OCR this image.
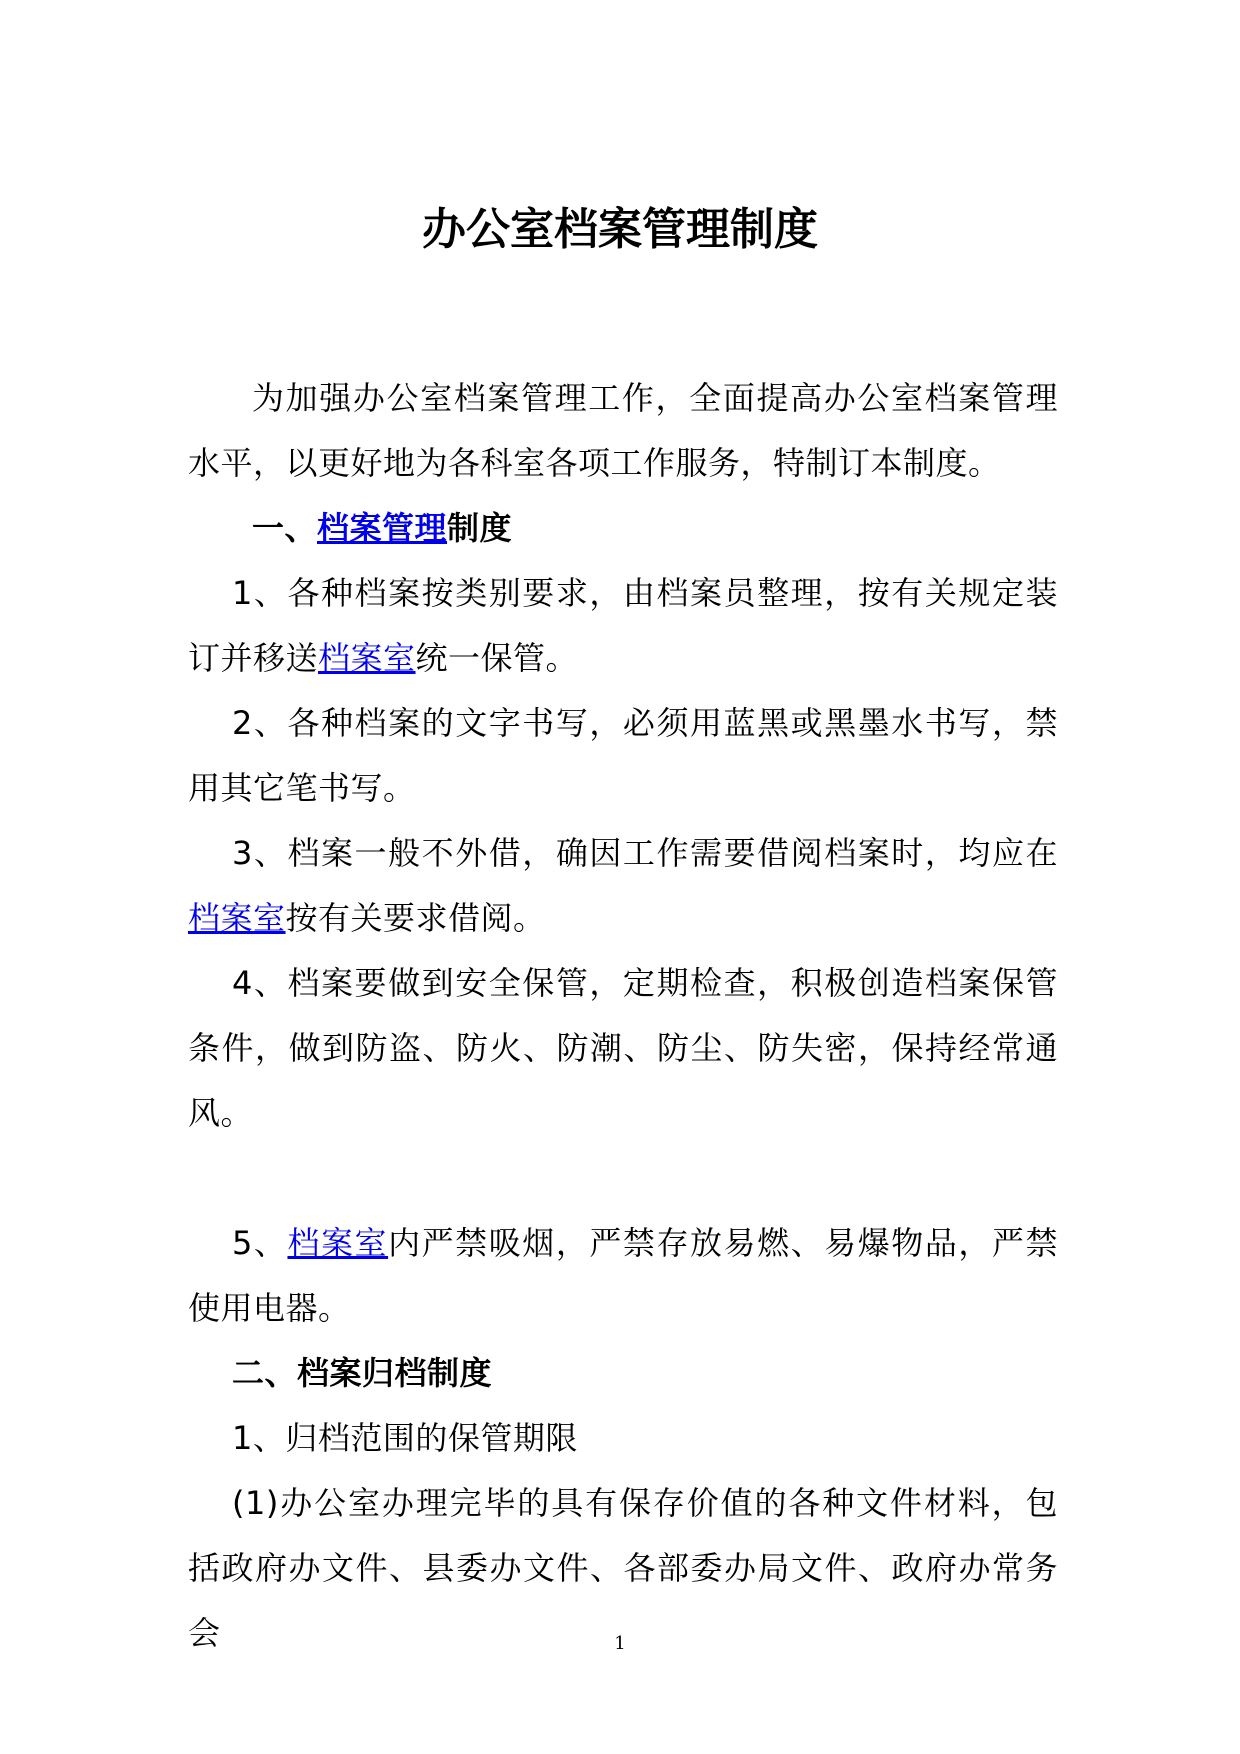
办公室档案管理制度

为加强办公室档案管理工作，全面提高办公室档案管理水平，以更好地为各科室各项工作服务，特制订本制度。

一、档案管理制度

1、各种档案按类别要求，由档案员整理，按有关规定装订并移送档案室统一保管。

2、各种档案的文字书写，必须用蓝黑或黑墨水书写，禁用其它笔书写。

3、档案一般不外借，确因工作需要借阅档案时，均应在档案室按有关要求借阅。

4、档案要做到安全保管，定期检查，积极创造档案保管条件，做到防盗、防火、防潮、防尘、防失密，保持经常通风。

5、档案室内严禁吸烟，严禁存放易燃、易爆物品，严禁使用电器。

二、档案归档制度

1、归档范围的保管期限

(1)办公室办理完毕的具有保存价值的各种文件材料，包括政府办文件、县委办文件、各部委办局文件、政府办常务会	1
